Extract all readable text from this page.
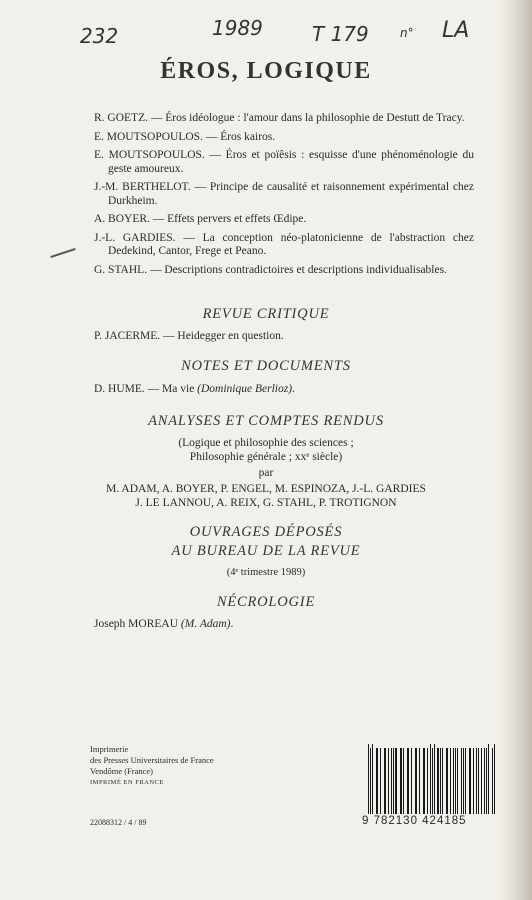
232	1989 T 179	n° LA
ÉROS, LOGIQUE
R. GOETZ. — Éros idéologue : l'amour dans la philosophie de Destutt de Tracy.
E. MOUTSOPOULOS. — Éros kairos.
E. MOUTSOPOULOS. — Éros et poïêsis : esquisse d'une phénoménologie du geste amoureux.
J.-M. BERTHELOT. — Principe de causalité et raisonnement expérimental chez Durkheim.
A. BOYER. — Effets pervers et effets Œdipe.
J.-L. GARDIES. — La conception néo-platonicienne de l'abstraction chez Dedekind, Cantor, Frege et Peano.
G. STAHL. — Descriptions contradictoires et descriptions individualisables.
REVUE CRITIQUE
P. JACERME. — Heidegger en question.
NOTES ET DOCUMENTS
D. HUME. — Ma vie (Dominique Berlioz).
ANALYSES ET COMPTES RENDUS
(Logique et philosophie des sciences ;
Philosophie générale ; xxᵉ siècle)
par
M. ADAM, A. BOYER, P. ENGEL, M. ESPINOZA, J.-L. GARDIES
J. LE LANNOU, A. REIX, G. STAHL, P. TROTIGNON
OUVRAGES DÉPOSÉS
AU BUREAU DE LA REVUE
(4ᵉ trimestre 1989)
NÉCROLOGIE
Joseph MOREAU (M. Adam).
Imprimerie
des Presses Universitaires de France
Vendôme (France)
IMPRIMÉ EN FRANCE
22088312 / 4 / 89	9 782130 424185
